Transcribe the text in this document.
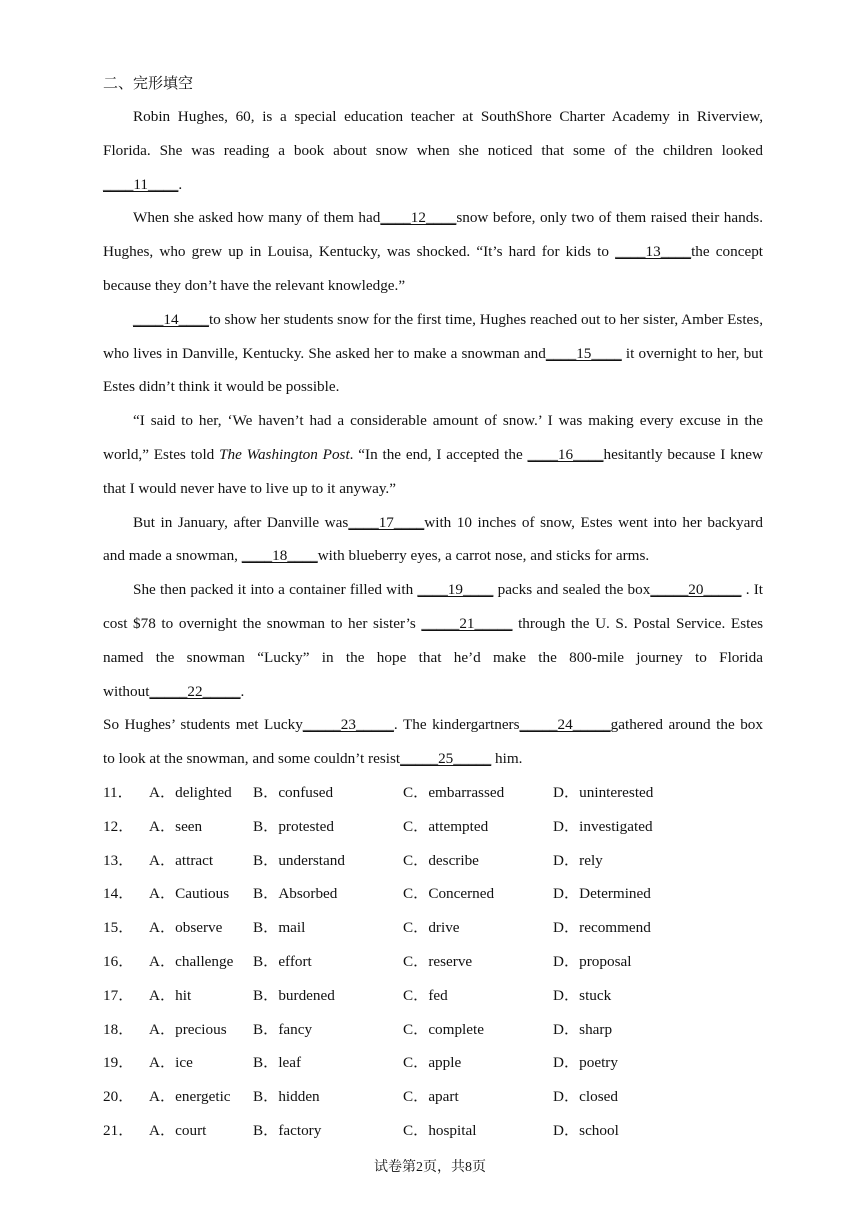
二、完形填空

Robin Hughes, 60, is a special education teacher at SouthShore Charter Academy in Riverview, Florida. She was reading a book about snow when she noticed that some of the children looked ____11____.

When she asked how many of them had____12____snow before, only two of them raised their hands. Hughes, who grew up in Louisa, Kentucky, was shocked. “It’s hard for kids to ____13____the concept because they don’t have the relevant knowledge.”

____14____to show her students snow for the first time, Hughes reached out to her sister, Amber Estes, who lives in Danville, Kentucky. She asked her to make a snowman and____15____ it overnight to her, but Estes didn’t think it would be possible.

“I said to her, ‘We haven’t had a considerable amount of snow.’ I was making every excuse in the world,” Estes told The Washington Post. “In the end, I accepted the ____16____hesitantly because I knew that I would never have to live up to it anyway.”

But in January, after Danville was____17____with 10 inches of snow, Estes went into her backyard and made a snowman, ____18____with blueberry eyes, a carrot nose, and sticks for arms.

She then packed it into a container filled with ____19____ packs and sealed the box_____20_____ . It cost $78 to overnight the snowman to her sister’s _____21_____ through the U. S. Postal Service. Estes named the snowman “Lucky” in the hope that he’d make the 800-mile journey to Florida without_____22_____.

So Hughes’ students met Lucky_____23_____. The kindergartners_____24_____gathered around the box to look at the snowman, and some couldn’t resist_____25_____ him.

11．	A．delighted	B．confused	C．embarrassed	D．uninterested
12．	A．seen	B．protested	C．attempted	D．investigated
13．	A．attract	B．understand	C．describe	D．rely
14．	A．Cautious	B．Absorbed	C．Concerned	D．Determined
15．	A．observe	B．mail	C．drive	D．recommend
16．	A．challenge	B．effort	C．reserve	D．proposal
17．	A．hit	B．burdened	C．fed	D．stuck
18．	A．precious	B．fancy	C．complete	D．sharp
19．	A．ice	B．leaf	C．apple	D．poetry
20．	A．energetic	B．hidden	C．apart	D．closed
21．	A．court	B．factory	C．hospital	D．school
试卷第2页，共8页
